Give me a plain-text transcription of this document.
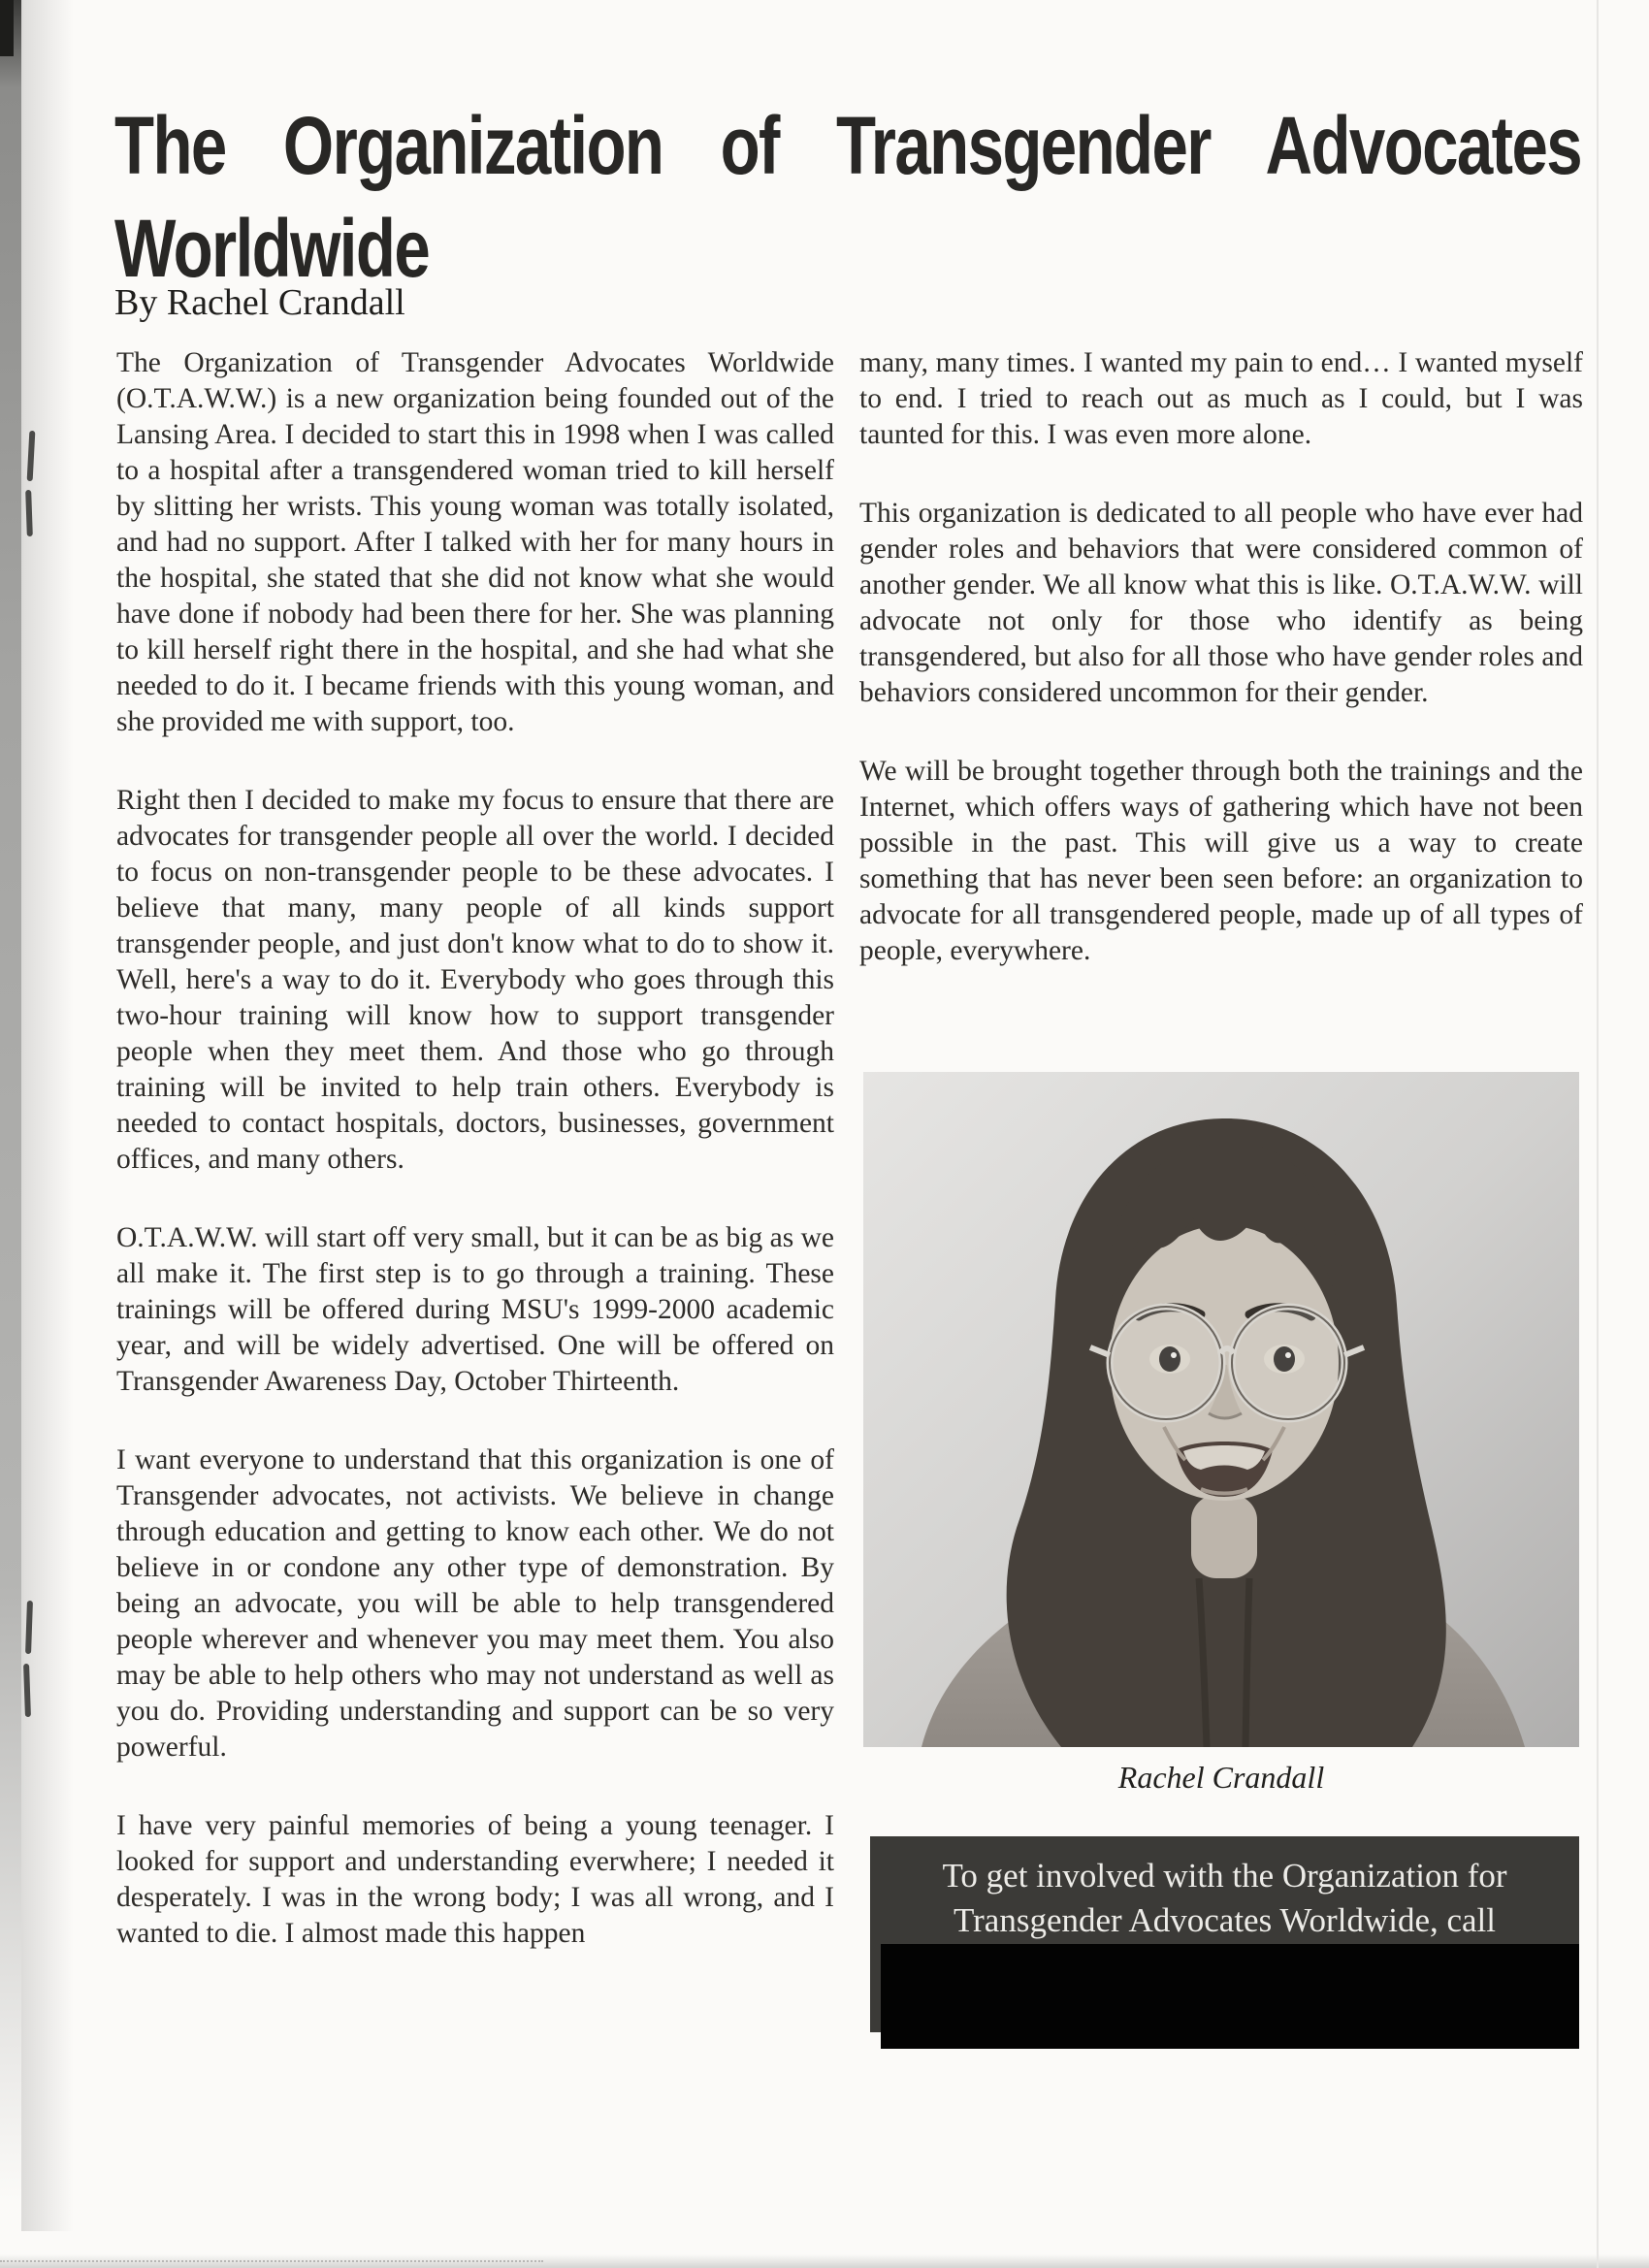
The Organization of Transgender Advocates
Worldwide
By Rachel Crandall

The Organization of Transgender Advocates Worldwide (O.T.A.W.W.) is a new organization being founded out of the Lansing Area. I decided to start this in 1998 when I was called to a hospital after a transgendered woman tried to kill herself by slitting her wrists. This young woman was totally isolated, and had no support. After I talked with her for many hours in the hospital, she stated that she did not know what she would have done if nobody had been there for her. She was planning to kill herself right there in the hospital, and she had what she needed to do it. I became friends with this young woman, and she provided me with support, too.

Right then I decided to make my focus to ensure that there are advocates for transgender people all over the world. I decided to focus on non-transgender people to be these advocates. I believe that many, many people of all kinds support transgender people, and just don't know what to do to show it. Well, here's a way to do it. Everybody who goes through this two-hour training will know how to support transgender people when they meet them. And those who go through training will be invited to help train others. Everybody is needed to contact hospitals, doctors, businesses, government offices, and many others.

O.T.A.W.W. will start off very small, but it can be as big as we all make it. The first step is to go through a training. These trainings will be offered during MSU's 1999-2000 academic year, and will be widely advertised. One will be offered on Transgender Awareness Day, October Thirteenth.

I want everyone to understand that this organization is one of Transgender advocates, not activists. We believe in change through education and getting to know each other. We do not believe in or condone any other type of demonstration. By being an advocate, you will be able to help transgendered people wherever and whenever you may meet them. You also may be able to help others who may not understand as well as you do. Providing understanding and support can be so very powerful.

I have very painful memories of being a young teenager. I looked for support and understanding everwhere; I needed it desperately. I was in the wrong body; I was all wrong, and I wanted to die. I almost made this happen

many, many times. I wanted my pain to end… I wanted myself to end. I tried to reach out as much as I could, but I was taunted for this. I was even more alone.

This organization is dedicated to all people who have ever had gender roles and behaviors that were considered common of another gender. We all know what this is like. O.T.A.W.W. will advocate not only for those who identify as being transgendered, but also for all those who have gender roles and behaviors considered uncommon for their gender.

We will be brought together through both the trainings and the Internet, which offers ways of gathering which have not been possible in the past. This will give us a way to create something that has never been seen before: an organization to advocate for all transgendered people, made up of all types of people, everywhere.

Rachel Crandall
To get involved with the Organization for
Transgender Advocates Worldwide, call
